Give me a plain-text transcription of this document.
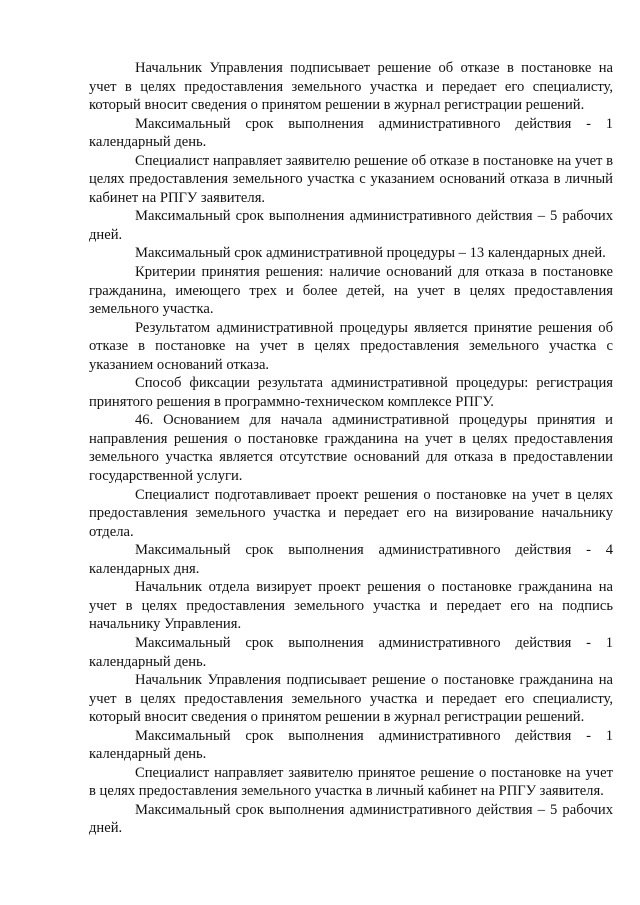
Начальник Управления подписывает решение об отказе в постановке на учет в целях предоставления земельного участка и передает его специалисту, который вносит сведения о принятом решении в журнал регистрации решений.

Максимальный срок выполнения административного действия - 1 календарный день.

Специалист направляет заявителю решение об отказе в постановке на учет в целях предоставления земельного участка с указанием оснований отказа в личный кабинет на РПГУ заявителя.

Максимальный срок выполнения административного действия – 5 рабочих дней.

Максимальный срок административной процедуры – 13 календарных дней.

Критерии принятия решения: наличие оснований для отказа в постановке гражданина, имеющего трех и более детей, на учет в целях предоставления земельного участка.

Результатом административной процедуры является принятие решения об отказе в постановке на учет в целях предоставления земельного участка с указанием оснований отказа.

Способ фиксации результата административной процедуры: регистрация принятого решения в программно-техническом комплексе РПГУ.

46. Основанием для начала административной процедуры принятия и направления решения о постановке гражданина на учет в целях предоставления земельного участка является отсутствие оснований для отказа в предоставлении государственной услуги.

Специалист подготавливает проект решения о постановке на учет в целях предоставления земельного участка и передает его на визирование начальнику отдела.

Максимальный срок выполнения административного действия - 4 календарных дня.

Начальник отдела визирует проект решения о постановке гражданина на учет в целях предоставления земельного участка и передает его на подпись начальнику Управления.

Максимальный срок выполнения административного действия - 1 календарный день.

Начальник Управления подписывает решение о постановке гражданина на учет в целях предоставления земельного участка и передает его специалисту, который вносит сведения о принятом решении в журнал регистрации решений.

Максимальный срок выполнения административного действия - 1 календарный день.

Специалист направляет заявителю принятое решение о постановке на учет в целях предоставления земельного участка в личный кабинет на РПГУ заявителя.

Максимальный срок выполнения административного действия – 5 рабочих дней.
